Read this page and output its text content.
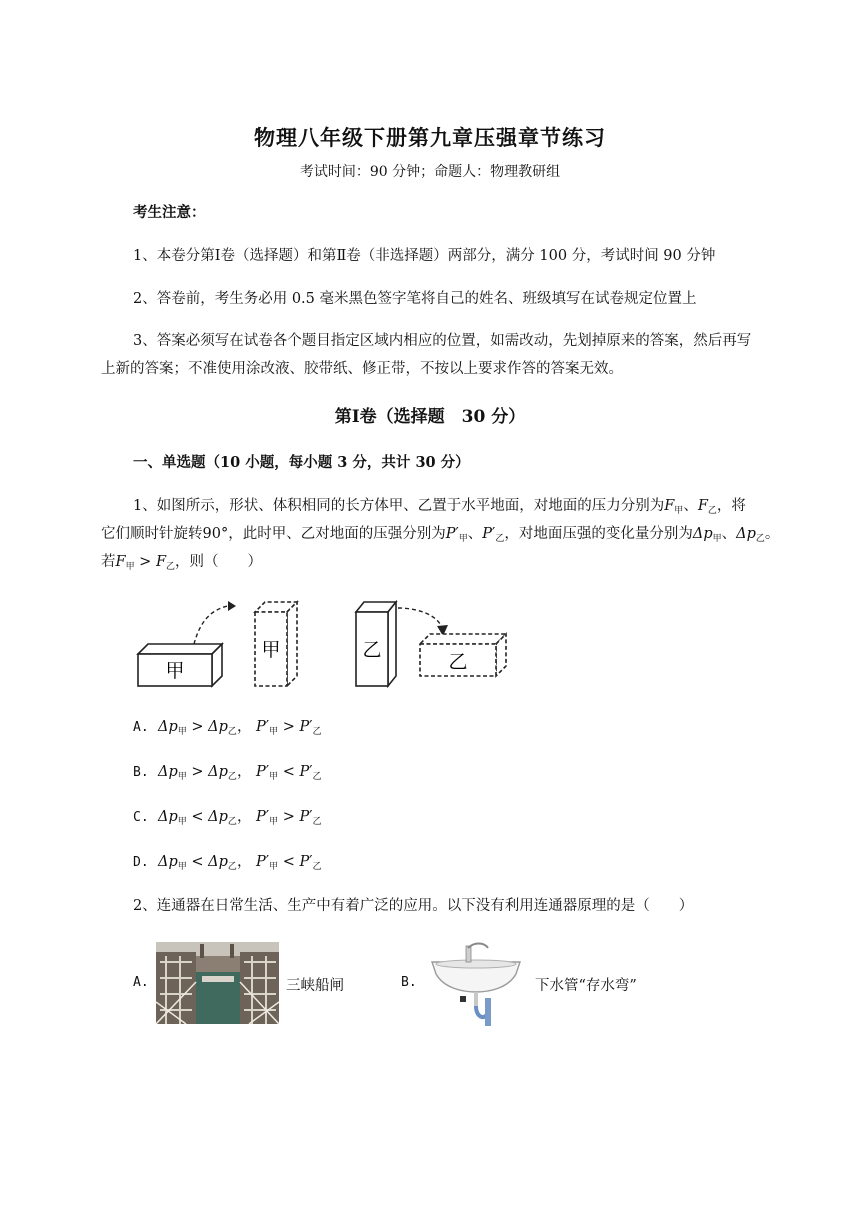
物理八年级下册第九章压强章节练习
考试时间：90 分钟；命题人：物理教研组
考生注意：
1、本卷分第Ⅰ卷（选择题）和第Ⅱ卷（非选择题）两部分，满分 100 分，考试时间 90 分钟
2、答卷前，考生务必用 0.5 毫米黑色签字笔将自己的姓名、班级填写在试卷规定位置上
3、答案必须写在试卷各个题目指定区域内相应的位置，如需改动，先划掉原来的答案，然后再写
上新的答案；不准使用涂改液、胶带纸、修正带，不按以上要求作答的答案无效。
第Ⅰ卷（选择题　30 分）
一、单选题（10 小题，每小题 3 分，共计 30 分）
1、如图所示，形状、体积相同的长方体甲、乙置于水平地面，对地面的压力分别为$F_甲$、$F_乙$，将
它们顺时针旋转90°，此时甲、乙对地面的压强分别为$P'_甲$、$P'_乙$，对地面压强的变化量分别为$\Delta p_甲$、$\Delta p_乙$。
若$F_甲 > F_乙$，则（　　）
甲
甲	乙
乙
A. $\Delta p_甲 > \Delta p_乙$， $P'_甲 > P'_乙$
B. $\Delta p_甲 > \Delta p_乙$， $P'_甲 < P'_乙$
C. $\Delta p_甲 < \Delta p_乙$， $P'_甲 > P'_乙$
D. $\Delta p_甲 < \Delta p_乙$， $P'_甲 < P'_乙$
2、连通器在日常生活、生产中有着广泛的应用。以下没有利用连通器原理的是（　　）
A.	三峡船闸	B.	下水管“存水弯”
